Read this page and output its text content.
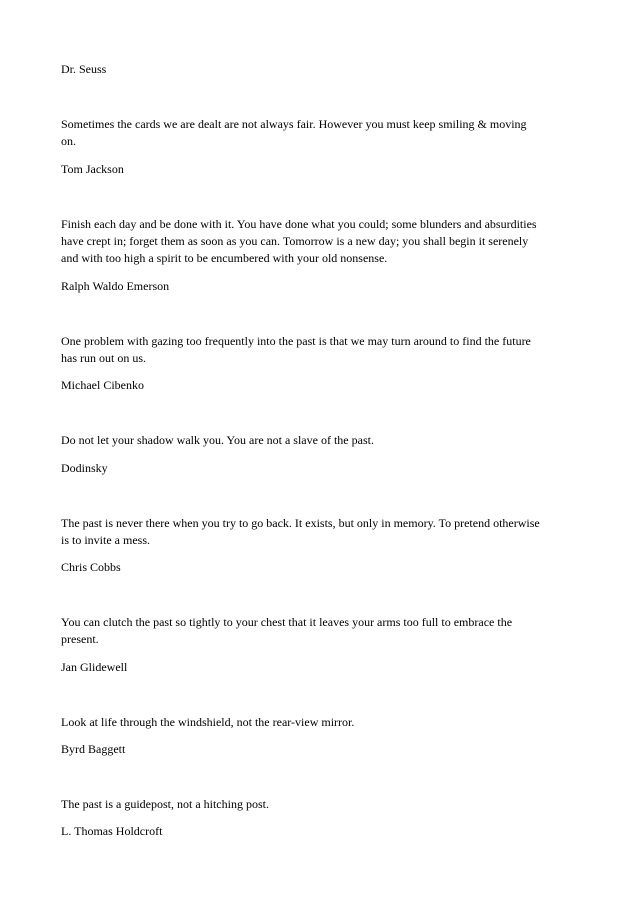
Dr. Seuss
Sometimes the cards we are dealt are not always fair. However you must keep smiling & moving
on.
Tom Jackson
Finish each day and be done with it. You have done what you could; some blunders and absurdities
have crept in; forget them as soon as you can. Tomorrow is a new day; you shall begin it serenely
and with too high a spirit to be encumbered with your old nonsense.
Ralph Waldo Emerson
One problem with gazing too frequently into the past is that we may turn around to find the future
has run out on us.
Michael Cibenko
Do not let your shadow walk you. You are not a slave of the past.
Dodinsky
The past is never there when you try to go back. It exists, but only in memory. To pretend otherwise
is to invite a mess.
Chris Cobbs
You can clutch the past so tightly to your chest that it leaves your arms too full to embrace the
present.
Jan Glidewell
Look at life through the windshield, not the rear-view mirror.
Byrd Baggett
The past is a guidepost, not a hitching post.
L. Thomas Holdcroft
